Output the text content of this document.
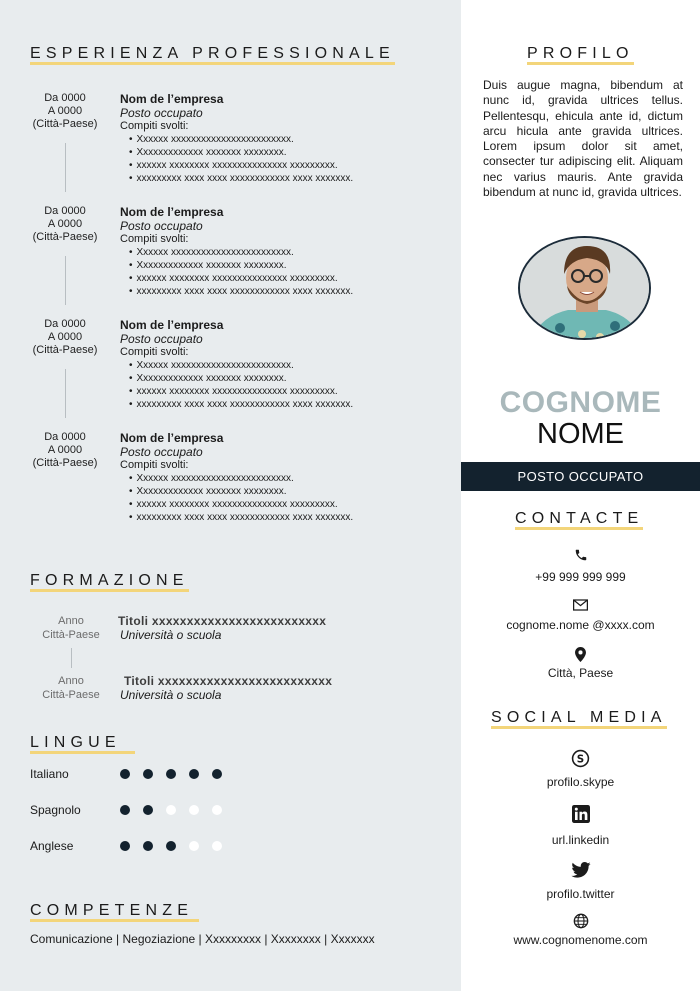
ESPERIENZA PROFESSIONALE
Da 0000
A 0000
(Città-Paese)
Nom de l’empresa
Posto occupato
Compiti svolti:
• Xxxxxx xxxxxxxxxxxxxxxxxxxxxxxx.
• Xxxxxxxxxxxxx xxxxxxx xxxxxxxx.
• xxxxxx xxxxxxxx xxxxxxxxxxxxxxx xxxxxxxxx.
• xxxxxxxxx xxxx xxxx xxxxxxxxxxxx xxxx xxxxxxx.
Da 0000
A 0000
(Città-Paese)
Nom de l’empresa
Posto occupato
Compiti svolti:
• Xxxxxx xxxxxxxxxxxxxxxxxxxxxxxx.
• Xxxxxxxxxxxxx xxxxxxx xxxxxxxx.
• xxxxxx xxxxxxxx xxxxxxxxxxxxxxx xxxxxxxxx.
• xxxxxxxxx xxxx xxxx xxxxxxxxxxxx xxxx xxxxxxx.
Da 0000
A 0000
(Città-Paese)
Nom de l’empresa
Posto occupato
Compiti svolti:
• Xxxxxx xxxxxxxxxxxxxxxxxxxxxxxx.
• Xxxxxxxxxxxxx xxxxxxx xxxxxxxx.
• xxxxxx xxxxxxxx xxxxxxxxxxxxxxx xxxxxxxxx.
• xxxxxxxxx xxxx xxxx xxxxxxxxxxxx xxxx xxxxxxx.
Da 0000
A 0000
(Città-Paese)
Nom de l’empresa
Posto occupato
Compiti svolti:
• Xxxxxx xxxxxxxxxxxxxxxxxxxxxxxx.
• Xxxxxxxxxxxxx xxxxxxx xxxxxxxx.
• xxxxxx xxxxxxxx xxxxxxxxxxxxxxx xxxxxxxxx.
• xxxxxxxxx xxxx xxxx xxxxxxxxxxxx xxxx xxxxxxx.
FORMAZIONE
Anno
Città-Paese
Titoli xxxxxxxxxxxxxxxxxxxxxxxxx
Università o scuola
Anno
Città-Paese
Titoli xxxxxxxxxxxxxxxxxxxxxxxxx
Università o scuola
LINGUE
Italiano
Spagnolo
Anglese
COMPETENZE
Comunicazione | Negoziazione | Xxxxxxxxx | Xxxxxxxx | Xxxxxxx
PROFILO
Duis augue magna, bibendum at nunc id, gravida ultrices tellus. Pellentesqu, ehicula ante id, dictum arcu hicula ante gravida ultrices. Lorem ipsum dolor sit amet, consecter tur adipiscing elit. Aliquam nec varius mauris. Ante gravida bibendum at nunc id, gravida ultrices.
COGNOME
NOME
POSTO OCCUPATO
CONTACTE
+99 999 999 999
cognome.nome @xxxx.com
Città, Paese
SOCIAL MEDIA
S
profilo.skype
url.linkedin
profilo.twitter
www.cognomenome.com
